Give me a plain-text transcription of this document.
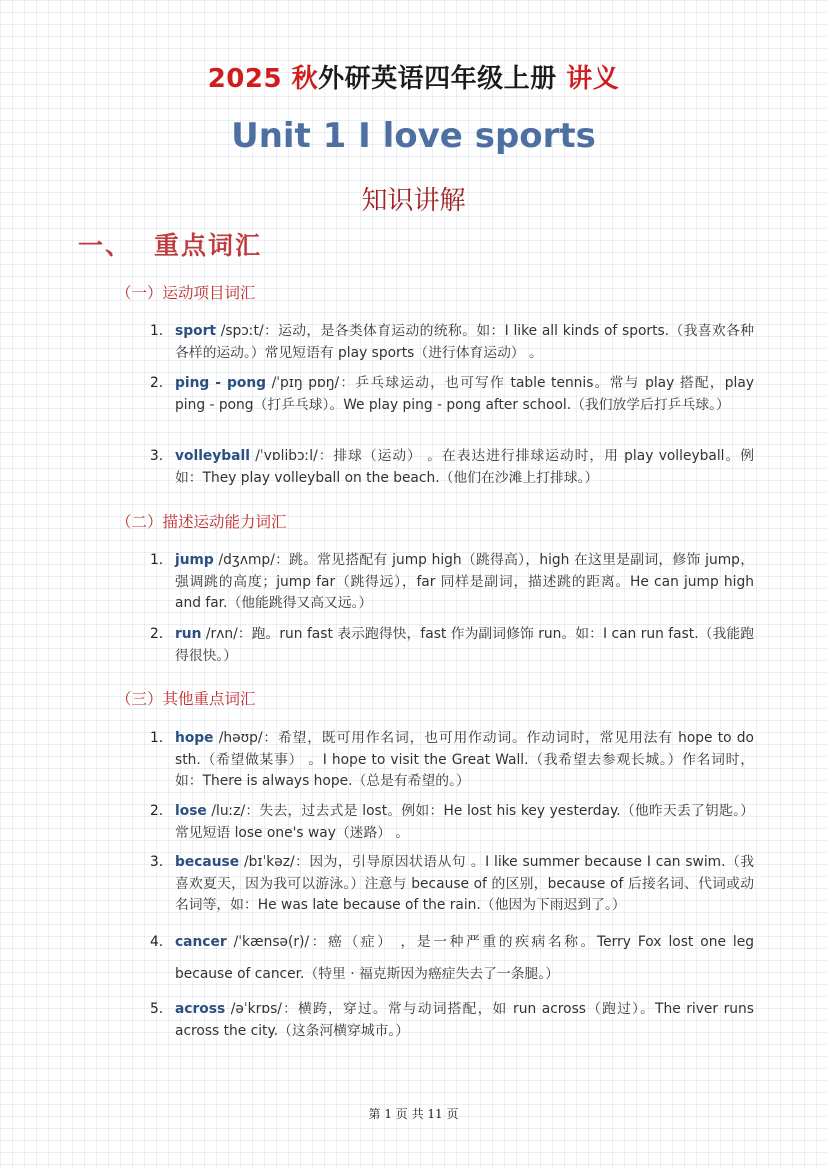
2025 秋外研英语四年级上册 讲义
Unit 1 I love sports
知识讲解
一、 重点词汇
（一）运动项目词汇
1. sport /spɔːt/：运动，是各类体育运动的统称。如：I like all kinds of sports.（我喜欢各种各样的运动。）常见短语有 play sports（进行体育运动） 。
2. ping - pong /ˈpɪŋ pɒŋ/：乒乓球运动，也可写作 table tennis。常与 play 搭配，play ping - pong（打乒乓球）。We play ping - pong after school.（我们放学后打乒乓球。）
3. volleyball /ˈvɒlibɔːl/：排球（运动） 。在表达进行排球运动时，用 play volleyball。例如：They play volleyball on the beach.（他们在沙滩上打排球。）
（二）描述运动能力词汇
1. jump /dʒʌmp/：跳。常见搭配有 jump high（跳得高），high 在这里是副词，修饰 jump，强调跳的高度；jump far（跳得远），far 同样是副词，描述跳的距离。He can jump high and far.（他能跳得又高又远。）
2. run /rʌn/：跑。run fast 表示跑得快，fast 作为副词修饰 run。如：I can run fast.（我能跑得很快。）
（三）其他重点词汇
1. hope /həʊp/：希望，既可用作名词，也可用作动词。作动词时，常见用法有 hope to do sth.（希望做某事） 。I hope to visit the Great Wall.（我希望去参观长城。）作名词时，如：There is always hope.（总是有希望的。）
2. lose /luːz/：失去，过去式是 lost。例如：He lost his key yesterday.（他昨天丢了钥匙。）常见短语 lose one's way（迷路） 。
3. because /bɪˈkəz/：因为，引导原因状语从句 。I like summer because I can swim.（我喜欢夏天，因为我可以游泳。）注意与 because of 的区别，because of 后接名词、代词或动名词等，如：He was late because of the rain.（他因为下雨迟到了。）
4. cancer /ˈkænsə(r)/：癌（症） ，是一种严重的疾病名称。Terry Fox lost one leg because of cancer.（特里 · 福克斯因为癌症失去了一条腿。）
5. across /əˈkrɒs/：横跨，穿过。常与动词搭配，如 run across（跑过）。The river runs across the city.（这条河横穿城市。）
第 1 页 共 11 页
